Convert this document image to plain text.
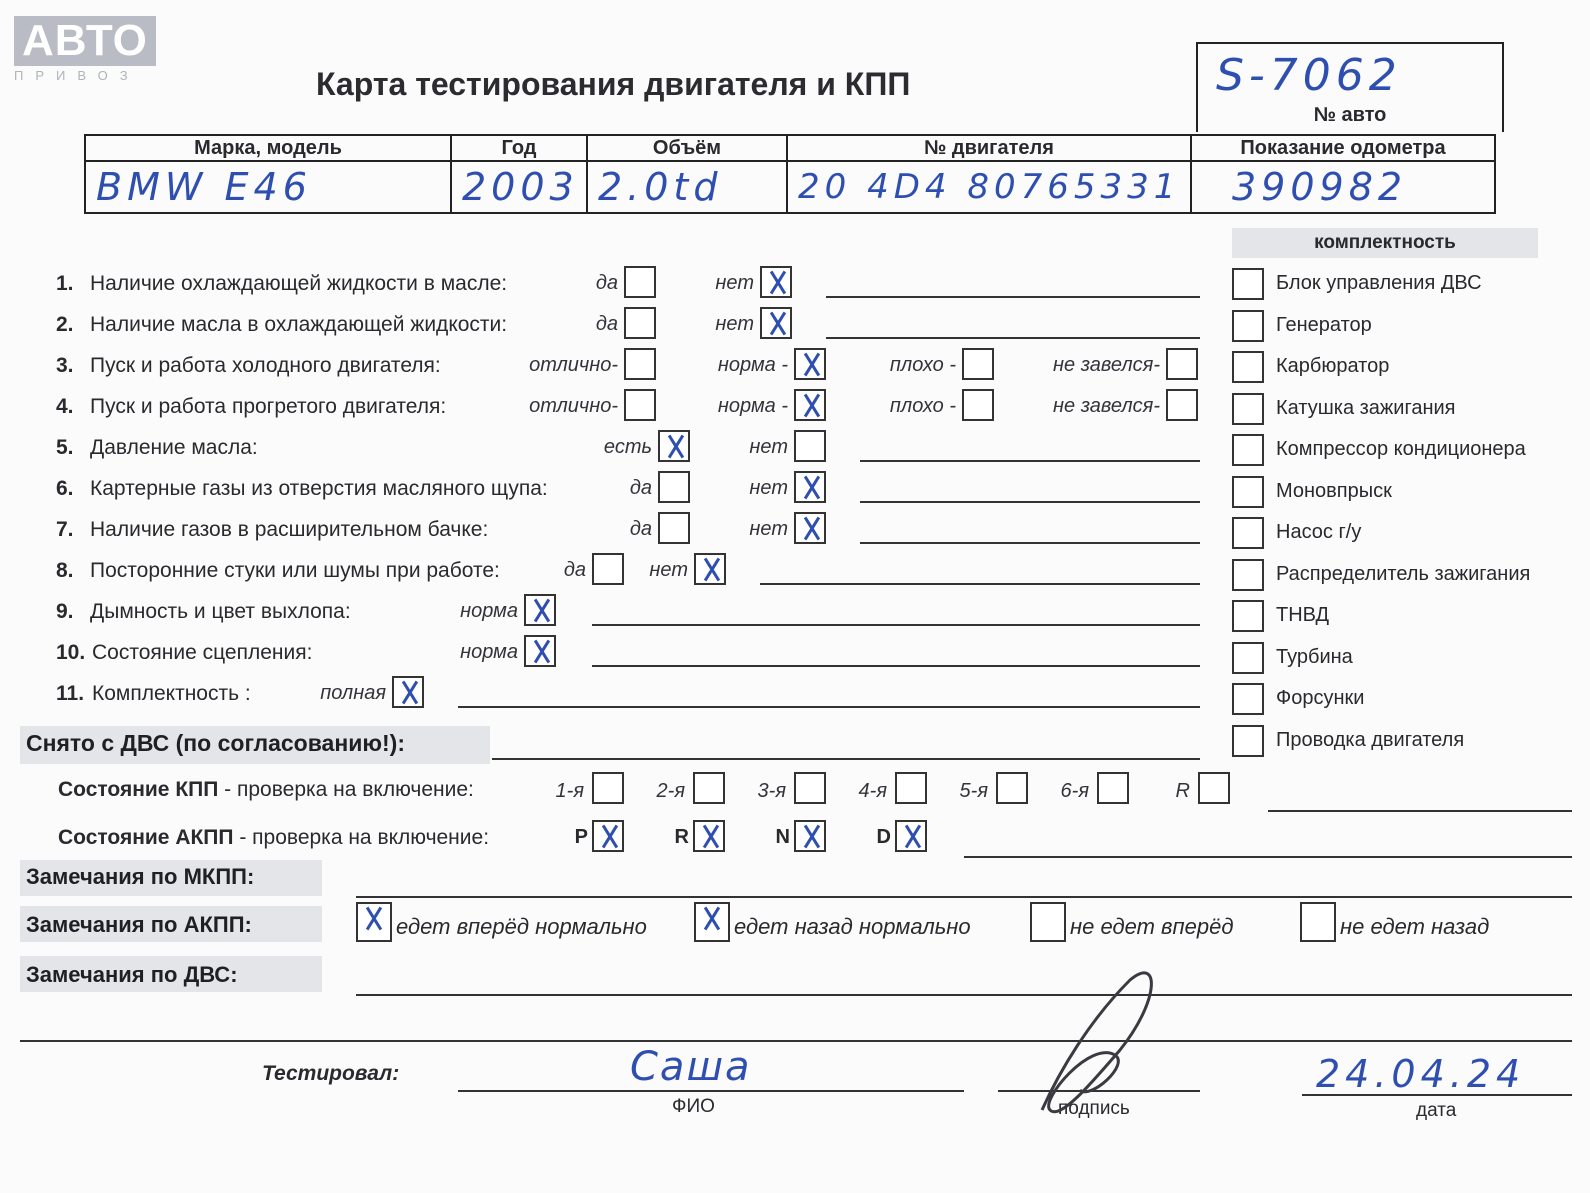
АВТО
ПРИВОЗ	Карта тестирования двигателя и КПП	S-7062
№ авто
Марка, модель	Год	Объём	№ двигателя	Показание одометра
BMW E46	2003	2.0td	20 4D4 80765331	390982
комплектность
1. Наличие охлаждающей жидкости в масле:	да	нет
2. Наличие масла в охлаждающей жидкости:	да	нет
3. Пуск и работа холодного двигателя:	отлично-	норма -	плохо -	не завелся-
4. Пуск и работа прогретого двигателя:	отлично-	норма -	плохо -	не завелся-
5. Давление масла:	есть	нет
6. Картерные газы из отверстия масляного щупа:	да	нет
7. Наличие газов в расширительном бачке:	да	нет
8. Посторонние стуки или шумы при работе:	да	нет
9. Дымность и цвет выхлопа:	норма
10. Состояние сцепления:	норма
11. Комплектность :	полная
Блок управления ДВС
Генератор
Карбюратор
Катушка зажигания
Компрессор кондиционера
Моновпрыск
Насос г/у
Распределитель зажигания
ТНВД
Турбина
Форсунки
Проводка двигателя
Снято с ДВС (по согласованию!):
Состояние КПП - проверка на включение:	1-я	2-я	3-я	4-я	5-я	6-я	R
Состояние АКПП - проверка на включение:	P	R	N	D
Замечания по МКПП:
Замечания по АКПП:	едет вперёд нормально	едет назад нормально	не едет вперёд	не едет назад
Замечания по ДВС:
Тестировал:	Саша
ФИО	подпись
24.04.24
дата
